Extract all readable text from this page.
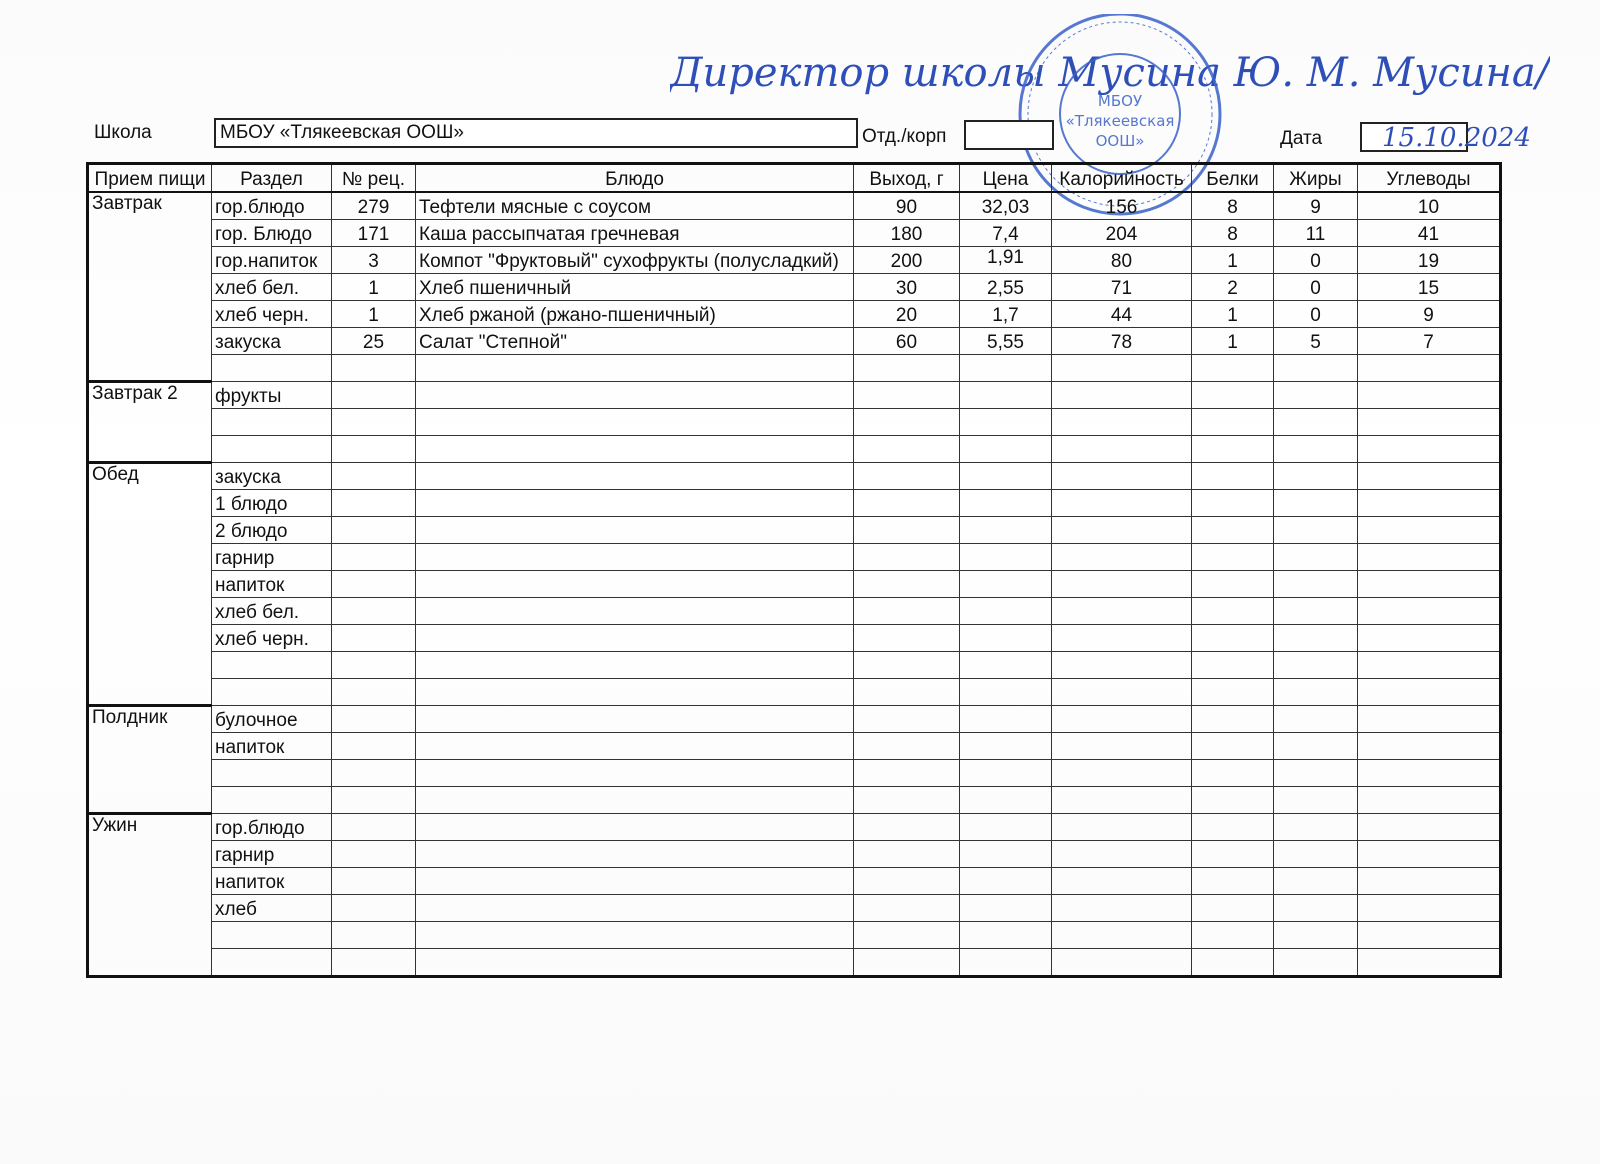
Директор школы Мусина Ю. М. Мусина/
МБОУ
«Тлякеевская
ООШ»
Школа	МБОУ «Тлякеевская ООШ»	Отд./корп	Дата 15.10.2024
Прием пищи	Раздел	№ рец.	Блюдо	Выход, г	Цена	Калорийность	Белки	Жиры	Углеводы
Завтрак	гор.блюдо	279	Тефтели мясные с соусом	90	32,03	156	8	9	10
	гор. Блюдо	171	Каша рассыпчатая гречневая	180	7,4	204	8	11	41
	гор.напиток	3	Компот "Фруктовый" сухофрукты (полусладкий)	200	1,91	80	1	0	19
	хлеб бел.	1	Хлеб пшеничный	30	2,55	71	2	0	15
	хлеб черн.	1	Хлеб ржаной (ржано-пшеничный)	20	1,7	44	1	0	9
	закуска	25	Салат "Степной"	60	5,55	78	1	5	7

Завтрак 2	фрукты								

Обед	закуска								
	1 блюдо								
	2 блюдо								
	гарнир								
	напиток								
	хлеб бел.								
	хлеб черн.								

Полдник	булочное								
	напиток								

Ужин	гор.блюдо								
	гарнир								
	напиток								
	хлеб								
